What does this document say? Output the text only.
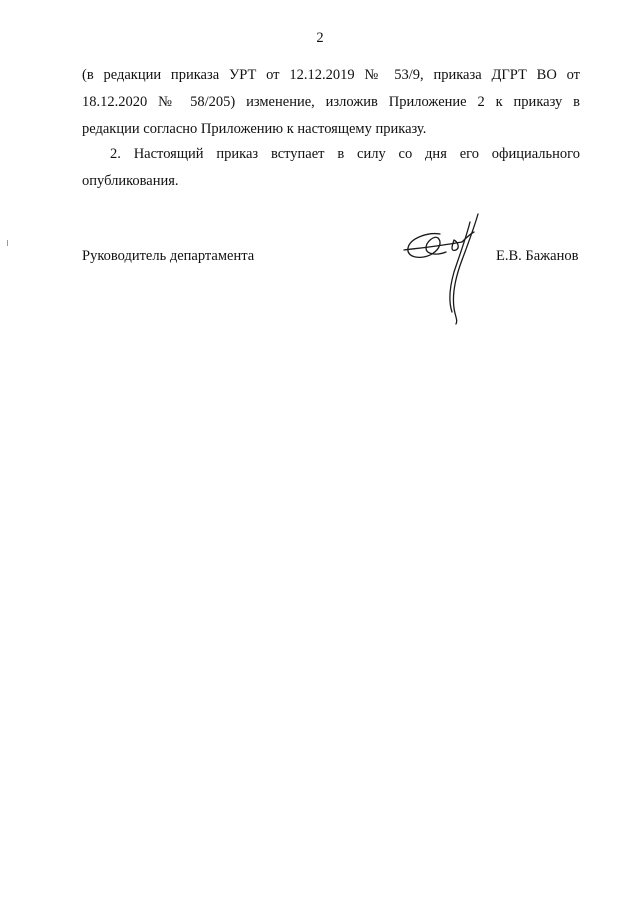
2
(в редакции приказа УРТ от 12.12.2019 № 53/9, приказа ДГРТ ВО от
18.12.2020 № 58/205) изменение, изложив Приложение 2 к приказу в
редакции согласно Приложению к настоящему приказу.
2. Настоящий приказ вступает в силу со дня его официального
опубликования.
Руководитель департамента	Е.В. Бажанов
